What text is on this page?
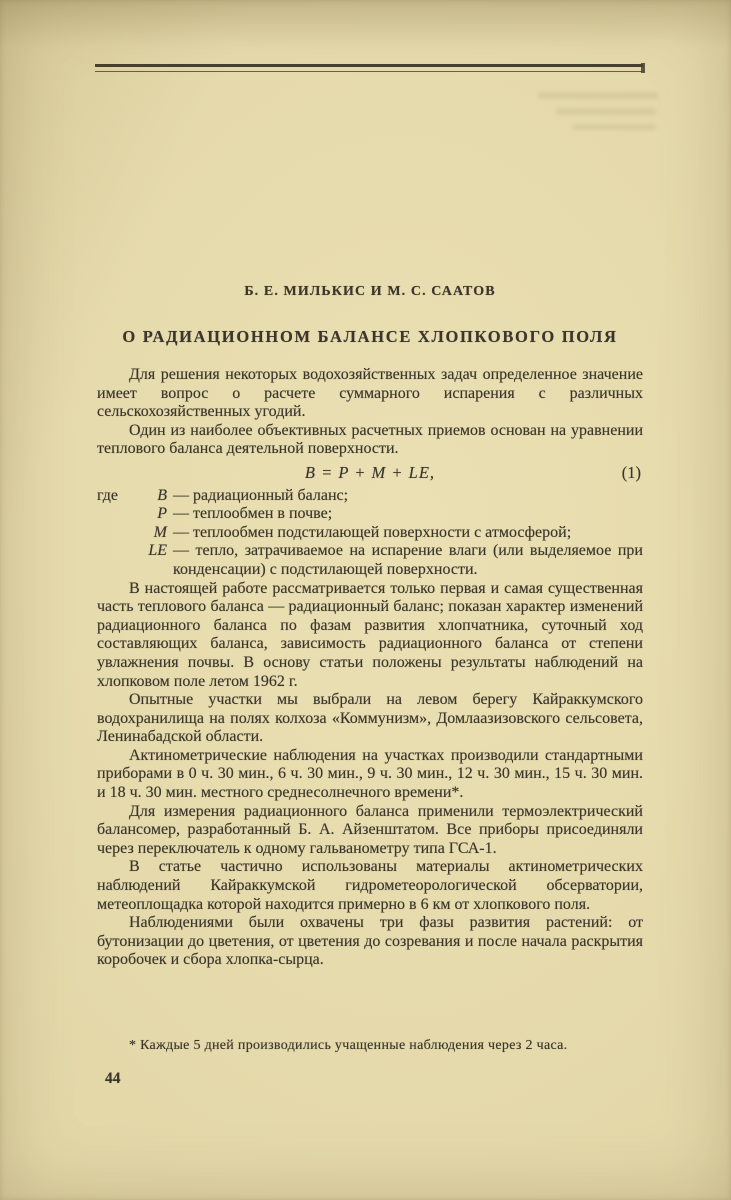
Б. Е. МИЛЬКИС И М. С. СААТОВ
О РАДИАЦИОННОМ БАЛАНСЕ ХЛОПКОВОГО ПОЛЯ

Для решения некоторых водохозяйственных задач определенное значение имеет вопрос о расчете суммарного испарения с различных сельскохозяйственных угодий.

Один из наиболее объективных расчетных приемов основан на уравнении теплового баланса деятельной поверхности.

B = P + M + LE,	(1)
где	B — радиационный баланс;
P — теплообмен в почве;
M — теплообмен подстилающей поверхности с атмосферой;
LE — тепло, затрачиваемое на испарение влаги (или выделяемое при конденсации) с подстилающей поверхности.

В настоящей работе рассматривается только первая и самая существенная часть теплового баланса — радиационный баланс; показан характер изменений радиационного баланса по фазам развития хлопчатника, суточный ход составляющих баланса, зависимость радиационного баланса от степени увлажнения почвы. В основу статьи положены результаты наблюдений на хлопковом поле летом 1962 г.

Опытные участки мы выбрали на левом берегу Кайраккумского водохранилища на полях колхоза «Коммунизм», Домлаазизовского сельсовета, Ленинабадской области.

Актинометрические наблюдения на участках производили стандартными приборами в 0 ч. 30 мин., 6 ч. 30 мин., 9 ч. 30 мин., 12 ч. 30 мин., 15 ч. 30 мин. и 18 ч. 30 мин. местного среднесолнечного времени*.

Для измерения радиационного баланса применили термоэлектрический балансомер, разработанный Б. А. Айзенштатом. Все приборы присоединяли через переключатель к одному гальванометру типа ГСА-1.

В статье частично использованы материалы актинометрических наблюдений Кайраккумской гидрометеорологической обсерватории, метеоплощадка которой находится примерно в 6 км от хлопкового поля.

Наблюдениями были охвачены три фазы развития растений: от бутонизации до цветения, от цветения до созревания и после начала раскрытия коробочек и сбора хлопка-сырца.

* Каждые 5 дней производились учащенные наблюдения через 2 часа.
44
